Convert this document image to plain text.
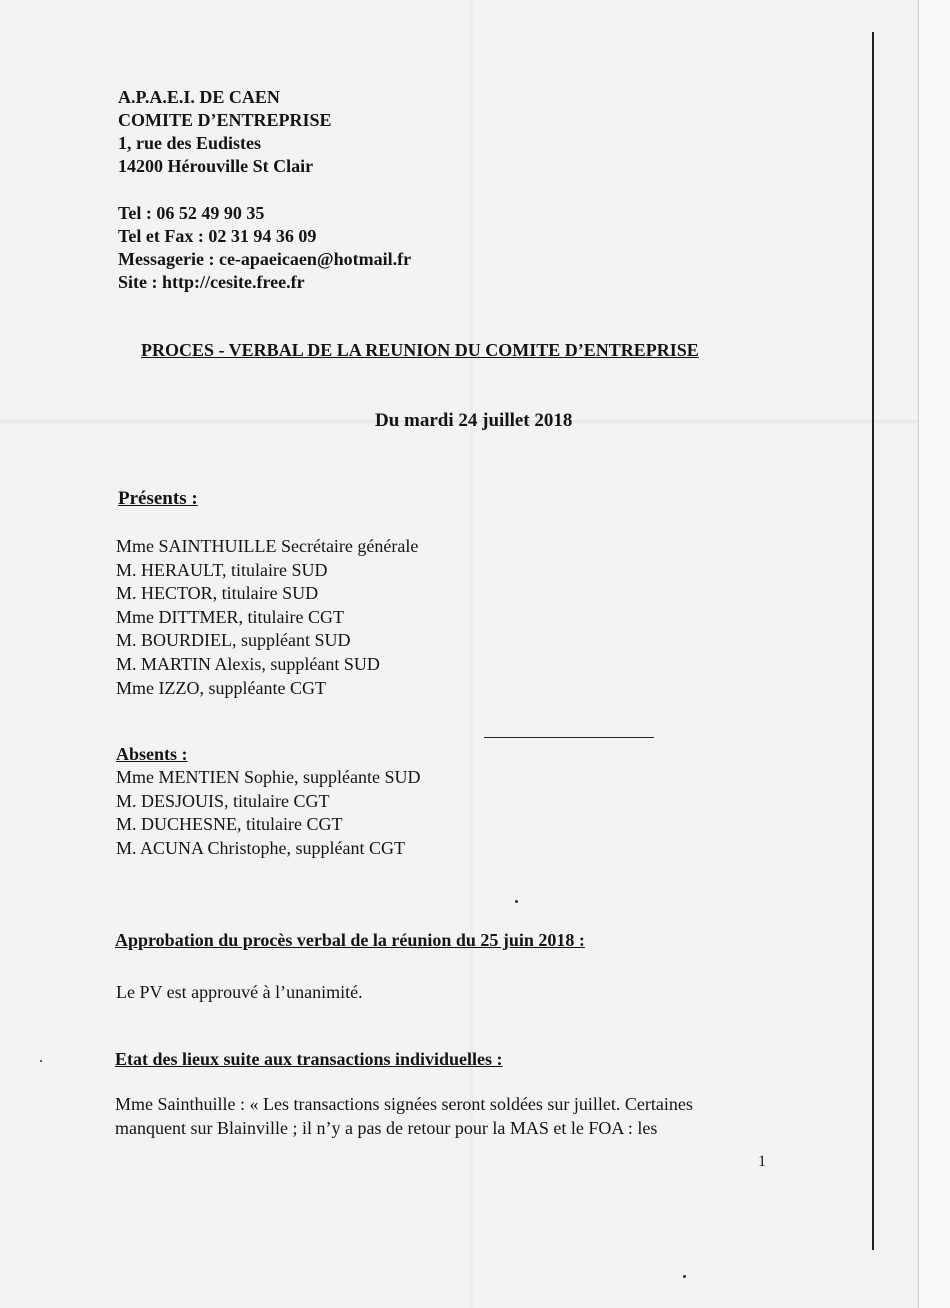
A.P.A.E.I. DE CAEN
COMITE D’ENTREPRISE
1, rue des Eudistes
14200 Hérouville St Clair
Tel : 06 52 49 90 35
Tel et Fax : 02 31 94 36 09
Messagerie : ce-apaeicaen@hotmail.fr
Site : http://cesite.free.fr
PROCES - VERBAL DE LA REUNION DU COMITE D’ENTREPRISE
Du mardi 24 juillet 2018
Présents :
Mme SAINTHUILLE Secrétaire générale
M. HERAULT, titulaire SUD
M. HECTOR, titulaire SUD
Mme DITTMER, titulaire CGT
M. BOURDIEL, suppléant SUD
M. MARTIN Alexis, suppléant SUD
Mme IZZO, suppléante CGT
Absents :
Mme MENTIEN Sophie, suppléante SUD
M. DESJOUIS, titulaire CGT
M. DUCHESNE, titulaire CGT
M. ACUNA Christophe, suppléant CGT
Approbation du procès verbal de la réunion du 25 juin 2018 :
Le PV est approuvé à l’unanimité.
Etat des lieux suite aux transactions individuelles :
Mme Sainthuille : « Les transactions signées seront soldées sur juillet. Certaines
manquent sur Blainville ; il n’y a pas de retour pour la MAS et le FOA : les
1
